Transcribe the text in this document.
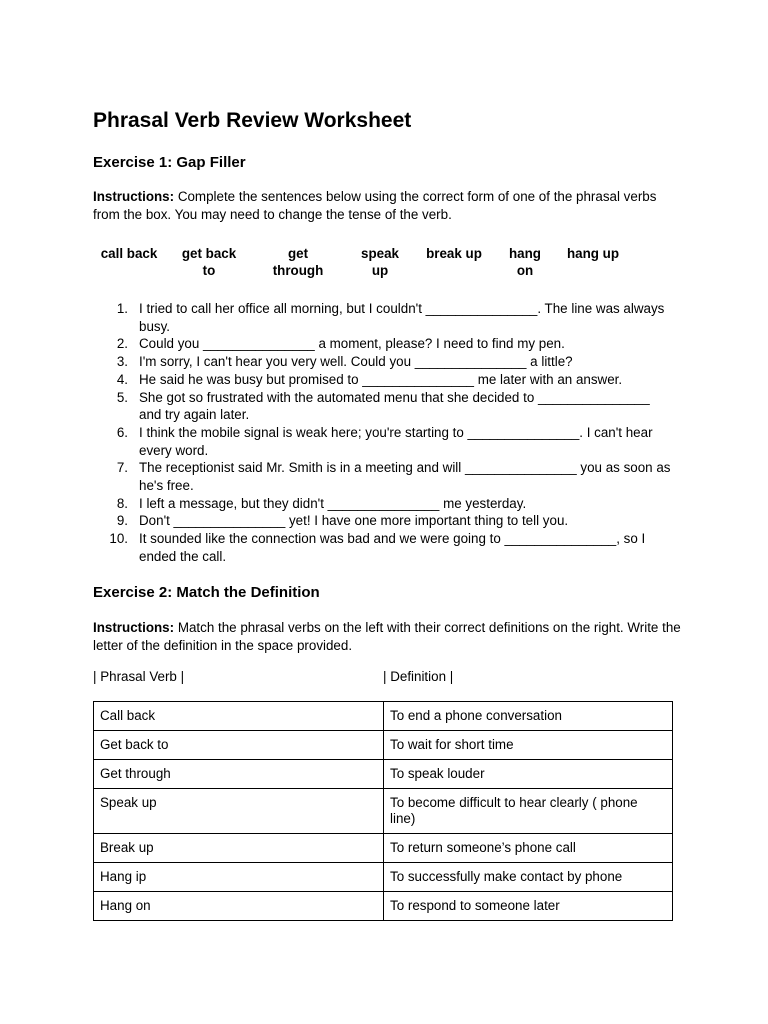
Phrasal Verb Review Worksheet
Exercise 1: Gap Filler
Instructions: Complete the sentences below using the correct form of one of the phrasal verbs from the box. You may need to change the tense of the verb.
call back	get back
to
get
through
speak
up
break up	hang
on
hang up
1. I tried to call her office all morning, but I couldn't _______________. The line was always busy.
2. Could you _______________ a moment, please? I need to find my pen.
3. I'm sorry, I can't hear you very well. Could you _______________ a little?
4. He said he was busy but promised to _______________ me later with an answer.
5. She got so frustrated with the automated menu that she decided to _______________ and try again later.
6. I think the mobile signal is weak here; you're starting to _______________. I can't hear every word.
7. The receptionist said Mr. Smith is in a meeting and will _______________ you as soon as he's free.
8. I left a message, but they didn't _______________ me yesterday.
9. Don't _______________ yet! I have one more important thing to tell you.
10. It sounded like the connection was bad and we were going to _______________, so I ended the call.
Exercise 2: Match the Definition
Instructions: Match the phrasal verbs on the left with their correct definitions on the right. Write the letter of the definition in the space provided.
| Phrasal Verb |	| Definition |
Call back	To end a phone conversation
Get back to	To wait for short time
Get through	To speak louder
Speak up	To become difficult to hear clearly ( phone line)
Break up	To return someone’s phone call
Hang ip	To successfully make contact by phone
Hang on	To respond to someone later
